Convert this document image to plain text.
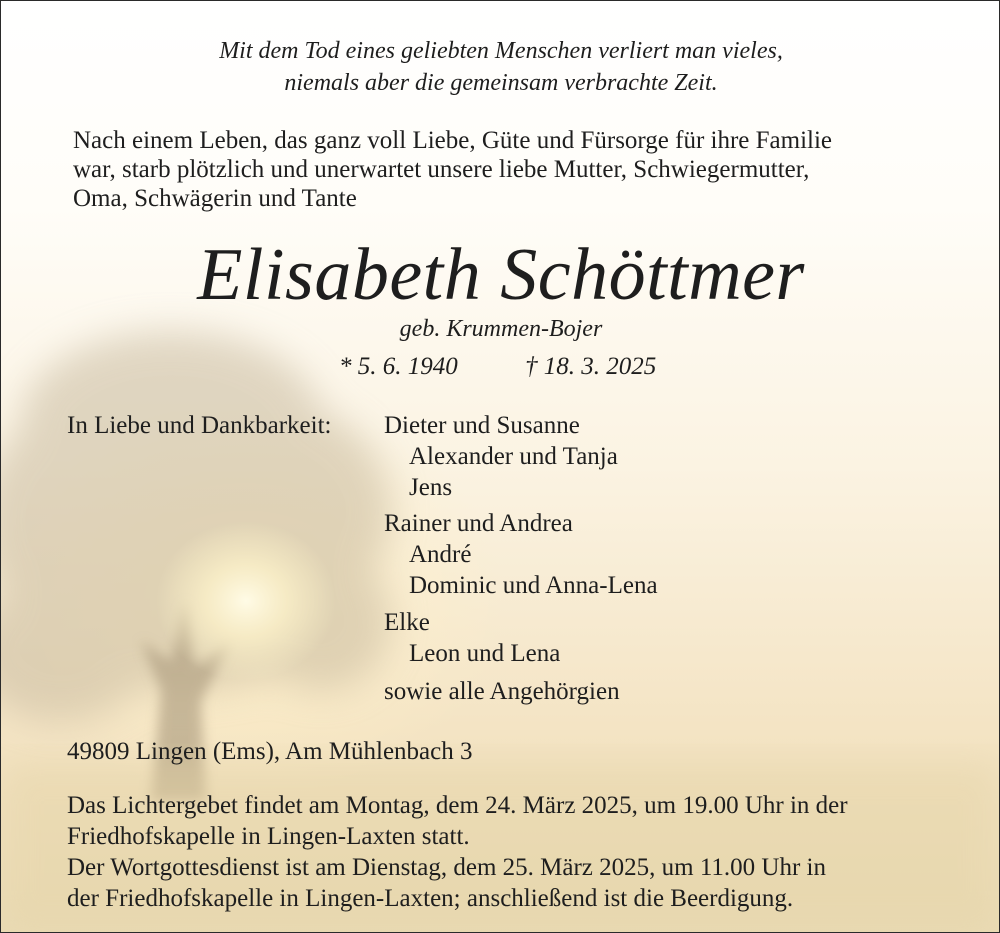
Mit dem Tod eines geliebten Menschen verliert man vieles,

niemals aber die gemeinsam verbrachte Zeit.

Nach einem Leben, das ganz voll Liebe, Güte und Fürsorge für ihre Familie

war, starb plötzlich und unerwartet unsere liebe Mutter, Schwiegermutter,

Oma, Schwägerin und Tante

Elisabeth Schöttmer

geb. Krummen-Bojer

* 5. 6. 1940	† 18. 3. 2025

In Liebe und Dankbarkeit: Dieter und Susanne

Alexander und Tanja

Jens

Rainer und Andrea

André

Dominic und Anna-Lena

Elke

Leon und Lena

sowie alle Angehörgien

49809 Lingen (Ems), Am Mühlenbach 3

Das Lichtergebet findet am Montag, dem 24. März 2025, um 19.00 Uhr in der

Friedhofskapelle in Lingen-Laxten statt.

Der Wortgottesdienst ist am Dienstag, dem 25. März 2025, um 11.00 Uhr in

der Friedhofskapelle in Lingen-Laxten; anschließend ist die Beerdigung.
